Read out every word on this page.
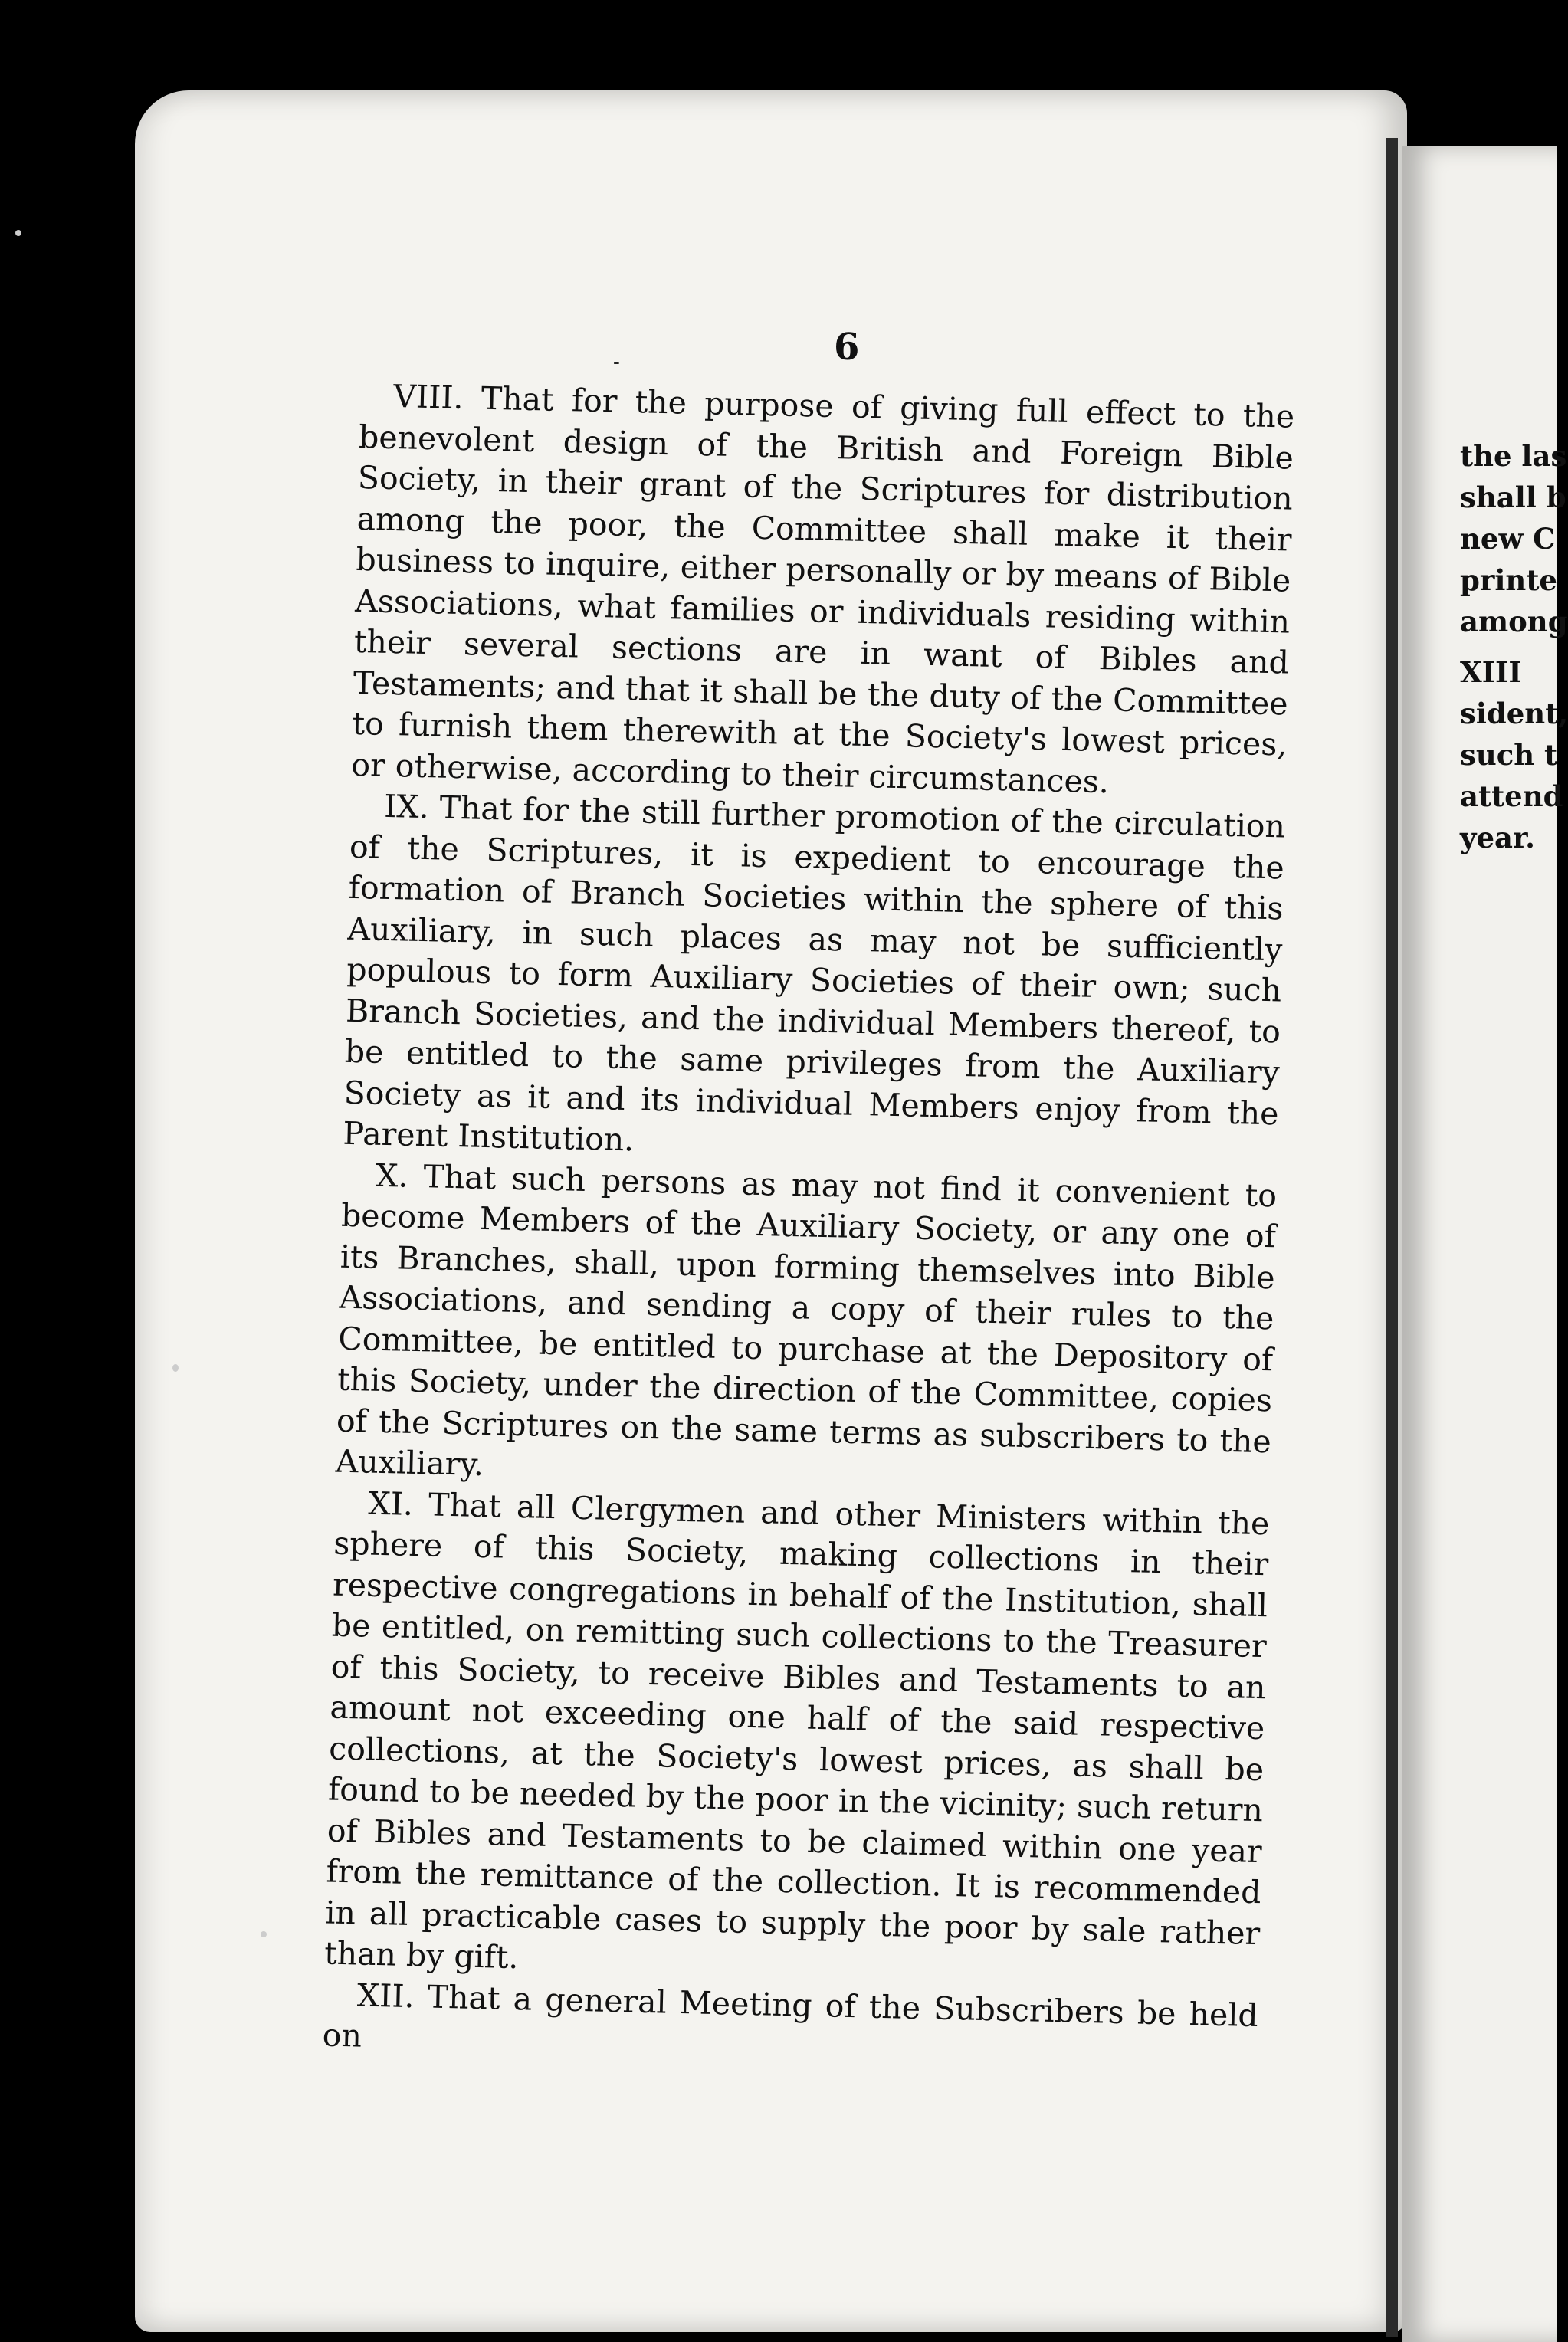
-	6

VIII. That for the purpose of giving full effect to the benevolent design of the British and Foreign Bible Society, in their grant of the Scriptures for distribution among the poor, the Committee shall make it their business to inquire, either personally or by means of Bible Associations, what families or individuals residing within their several sections are in want of Bibles and Testaments; and that it shall be the duty of the Committee to furnish them therewith at the Society's lowest prices, or otherwise, according to their circumstances.

IX. That for the still further promotion of the circulation of the Scriptures, it is expedient to encourage the formation of Branch Societies within the sphere of this Auxiliary, in such places as may not be sufficiently populous to form Auxiliary Societies of their own; such Branch Societies, and the individual Members thereof, to be entitled to the same privileges from the Auxiliary Society as it and its individual Members enjoy from the Parent Institution.

X. That such persons as may not find it convenient to become Members of the Auxiliary Society, or any one of its Branches, shall, upon forming themselves into Bible Associations, and sending a copy of their rules to the Committee, be entitled to purchase at the Depository of this Society, under the direction of the Committee, copies of the Scriptures on the same terms as subscribers to the Auxiliary.

XI. That all Clergymen and other Ministers within the sphere of this Society, making collections in their respective congregations in behalf of the Institution, shall be entitled, on remitting such collections to the Treasurer of this Society, to receive Bibles and Testaments to an amount not exceeding one half of the said respective collections, at the Society's lowest prices, as shall be found to be needed by the poor in the vicinity; such return of Bibles and Testaments to be claimed within one year from the remittance of the collection. It is recommended in all practicable cases to supply the poor by sale rather than by gift.

XII. That a general Meeting of the Subscribers be held on

the las
shall b
new C
printe
among
XIII
sident,
such t
attend
year.
